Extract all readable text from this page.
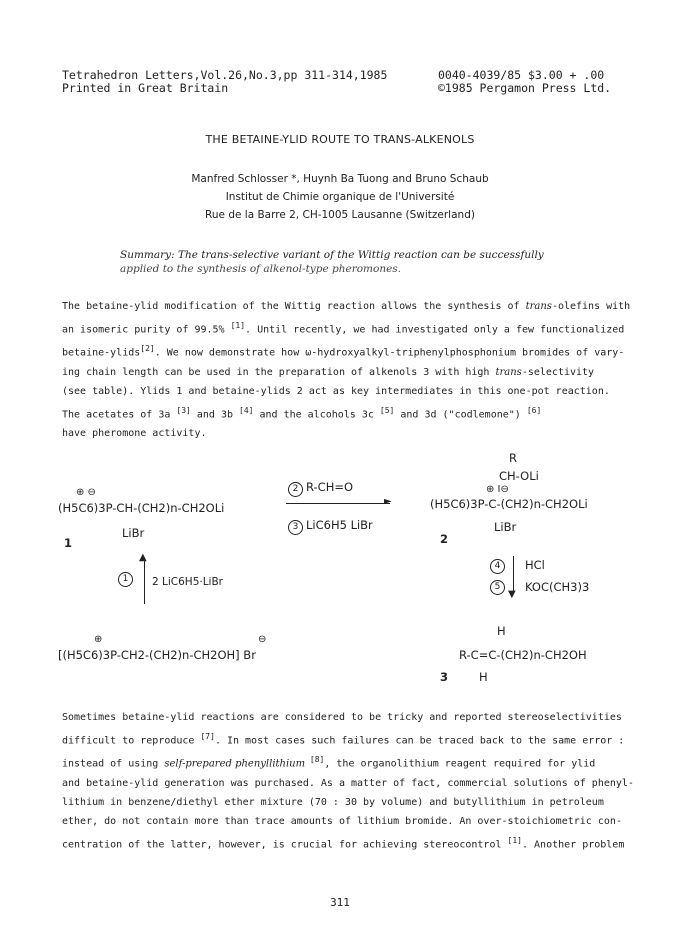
Tetrahedron Letters,Vol.26,No.3,pp 311-314,1985
Printed in Great Britain
0040-4039/85 $3.00 + .00
©1985 Pergamon Press Ltd.
THE BETAINE-YLID ROUTE TO TRANS-ALKENOLS
Manfred Schlosser *, Huynh Ba Tuong and Bruno Schaub
Institut de Chimie organique de l'Université
Rue de la Barre 2, CH-1005 Lausanne (Switzerland)
Summary: The trans-selective variant of the Wittig reaction can be successfully
applied to the synthesis of alkenol-type pheromones.
The betaine-ylid modification of the Wittig reaction allows the synthesis of trans-olefins with
an isomeric purity of 99.5% [1]. Until recently, we had investigated only a few functionalized
betaine-ylids[2]. We now demonstrate how ω-hydroxyalkyl-triphenylphosphonium bromides of vary-
ing chain length can be used in the preparation of alkenols 3 with high trans-selectivity
(see table). Ylids 1 and betaine-ylids 2 act as key intermediates in this one-pot reaction.
The acetates of 3a [3] and 3b [4] and the alcohols 3c [5] and 3d ("codlemone") [6]
have pheromone activity.
⊕ ⊖
(H5C6)3P-CH-(CH2)n-CH2OLi
LiBr
1
2 R-CH=O
►
3 LiC6H5 LiBr
R
CH-OLi
⊕ I⊖
(H5C6)3P-C-(CH2)n-CH2OLi
LiBr
2
1
▲
2 LiC6H5·LiBr
4	HCl
▼
5	KOC(CH3)3
⊕	⊖
[(H5C6)3P-CH2-(CH2)n-CH2OH] Br
H
R-C=C-(CH2)n-CH2OH
H
3
Sometimes betaine-ylid reactions are considered to be tricky and reported stereoselectivities
difficult to reproduce [7]. In most cases such failures can be traced back to the same error :
instead of using self-prepared phenyllithium [8], the organolithium reagent required for ylid
and betaine-ylid generation was purchased. As a matter of fact, commercial solutions of phenyl-
lithium in benzene/diethyl ether mixture (70 : 30 by volume) and butyllithium in petroleum
ether, do not contain more than trace amounts of lithium bromide. An over-stoichiometric con-
centration of the latter, however, is crucial for achieving stereocontrol [1]. Another problem
311
